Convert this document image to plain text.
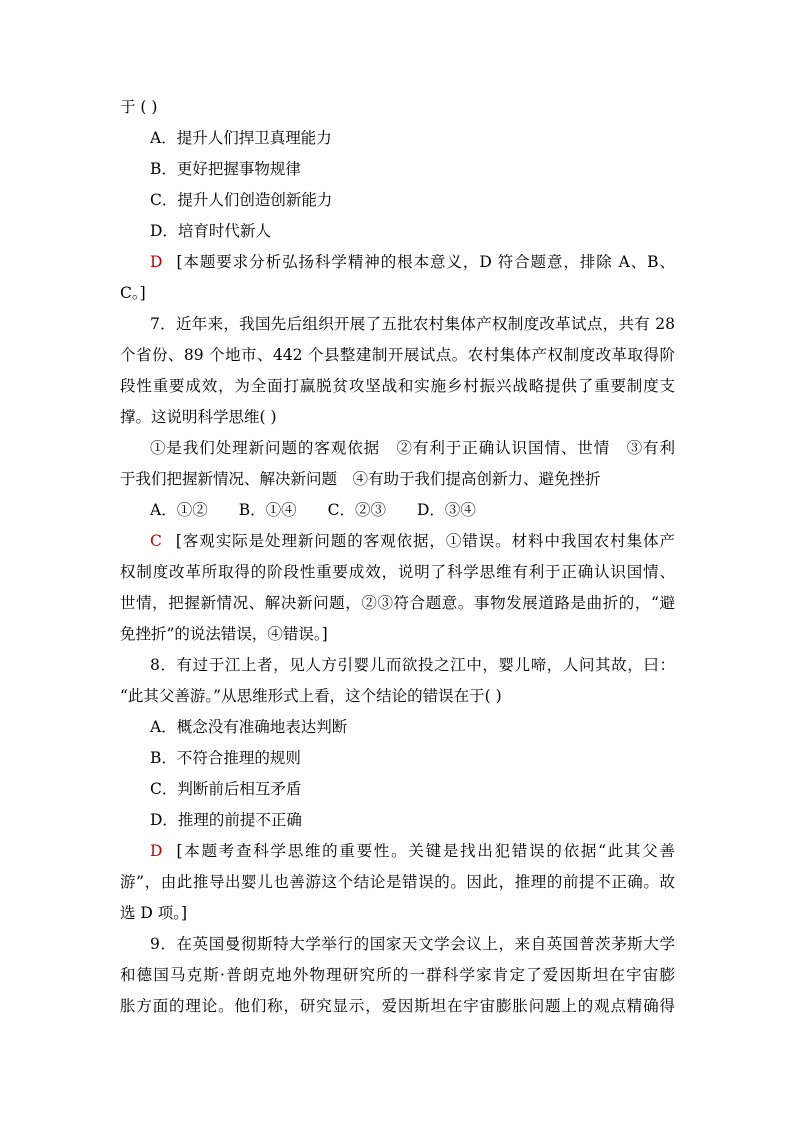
于 ( )
A．提升人们捍卫真理能力
B．更好把握事物规律
C．提升人们创造创新能力
D．培育时代新人
D [本题要求分析弘扬科学精神的根本意义，D 符合题意，排除 A、B、
C。]
7．近年来，我国先后组织开展了五批农村集体产权制度改革试点，共有 28
个省份、89 个地市、442 个县整建制开展试点。农村集体产权制度改革取得阶
段性重要成效，为全面打赢脱贫攻坚战和实施乡村振兴战略提供了重要制度支
撑。这说明科学思维( )
①是我们处理新问题的客观依据　②有利于正确认识国情、世情　③有利
于我们把握新情况、解决新问题　④有助于我们提高创新力、避免挫折
A．①②　　B．①④　　C．②③　　D．③④
C [客观实际是处理新问题的客观依据，①错误。材料中我国农村集体产
权制度改革所取得的阶段性重要成效，说明了科学思维有利于正确认识国情、
世情，把握新情况、解决新问题，②③符合题意。事物发展道路是曲折的，“避
免挫折”的说法错误，④错误。]
8．有过于江上者，见人方引婴儿而欲投之江中，婴儿啼，人问其故，曰：
“此其父善游。”从思维形式上看，这个结论的错误在于( )
A．概念没有准确地表达判断
B．不符合推理的规则
C．判断前后相互矛盾
D．推理的前提不正确
D [本题考查科学思维的重要性。关键是找出犯错误的依据“此其父善
游”，由此推导出婴儿也善游这个结论是错误的。因此，推理的前提不正确。故
选 D 项。]
9．在英国曼彻斯特大学举行的国家天文学会议上，来自英国普茨茅斯大学
和德国马克斯·普朗克地外物理研究所的一群科学家肯定了爱因斯坦在宇宙膨
胀方面的理论。他们称，研究显示，爱因斯坦在宇宙膨胀问题上的观点精确得
